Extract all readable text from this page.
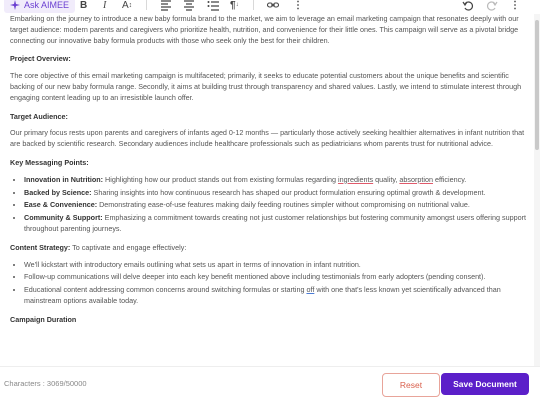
Ask AIMEE B I A ↕	¶ ↓	⋮	⋮

Embarking on the journey to introduce a new baby formula brand to the market, we aim to leverage an email marketing campaign that resonates deeply with our target audience: modern parents and caregivers who prioritize health, nutrition, and convenience for their little ones. This campaign will serve as a pivotal bridge connecting our innovative baby formula products with those who seek only the best for their children.

Project Overview:

The core objective of this email marketing campaign is multifaceted; primarily, it seeks to educate potential customers about the unique benefits and scientific backing of our new baby formula range. Secondly, it aims at building trust through transparency and shared values. Lastly, we intend to stimulate interest through engaging content leading up to an irresistible launch offer.

Target Audience:

Our primary focus rests upon parents and caregivers of infants aged 0-12 months — particularly those actively seeking healthier alternatives in infant nutrition that are backed by scientific research. Secondary audiences include healthcare professionals such as pediatricians whom parents trust for nutritional advice.

Key Messaging Points:
• Innovation in Nutrition: Highlighting how our product stands out from existing formulas regarding ingredients quality, absorption efficiency.
• Backed by Science: Sharing insights into how continuous research has shaped our product formulation ensuring optimal growth & development.
• Ease & Convenience: Demonstrating ease-of-use features making daily feeding routines simpler without compromising on nutritional value.
• Community & Support: Emphasizing a commitment towards creating not just customer relationships but fostering community amongst users offering support throughout parenting journeys.
Content Strategy: To captivate and engage effectively:
• We'll kickstart with introductory emails outlining what sets us apart in terms of innovation in infant nutrition.
• Follow-up communications will delve deeper into each key benefit mentioned above including testimonials from early adopters (pending consent).
• Educational content addressing common concerns around switching formulas or starting off with one that's less known yet scientifically advanced than mainstream options available today.
Campaign Duration
Characters : 3069/50000	Reset	Save Document
